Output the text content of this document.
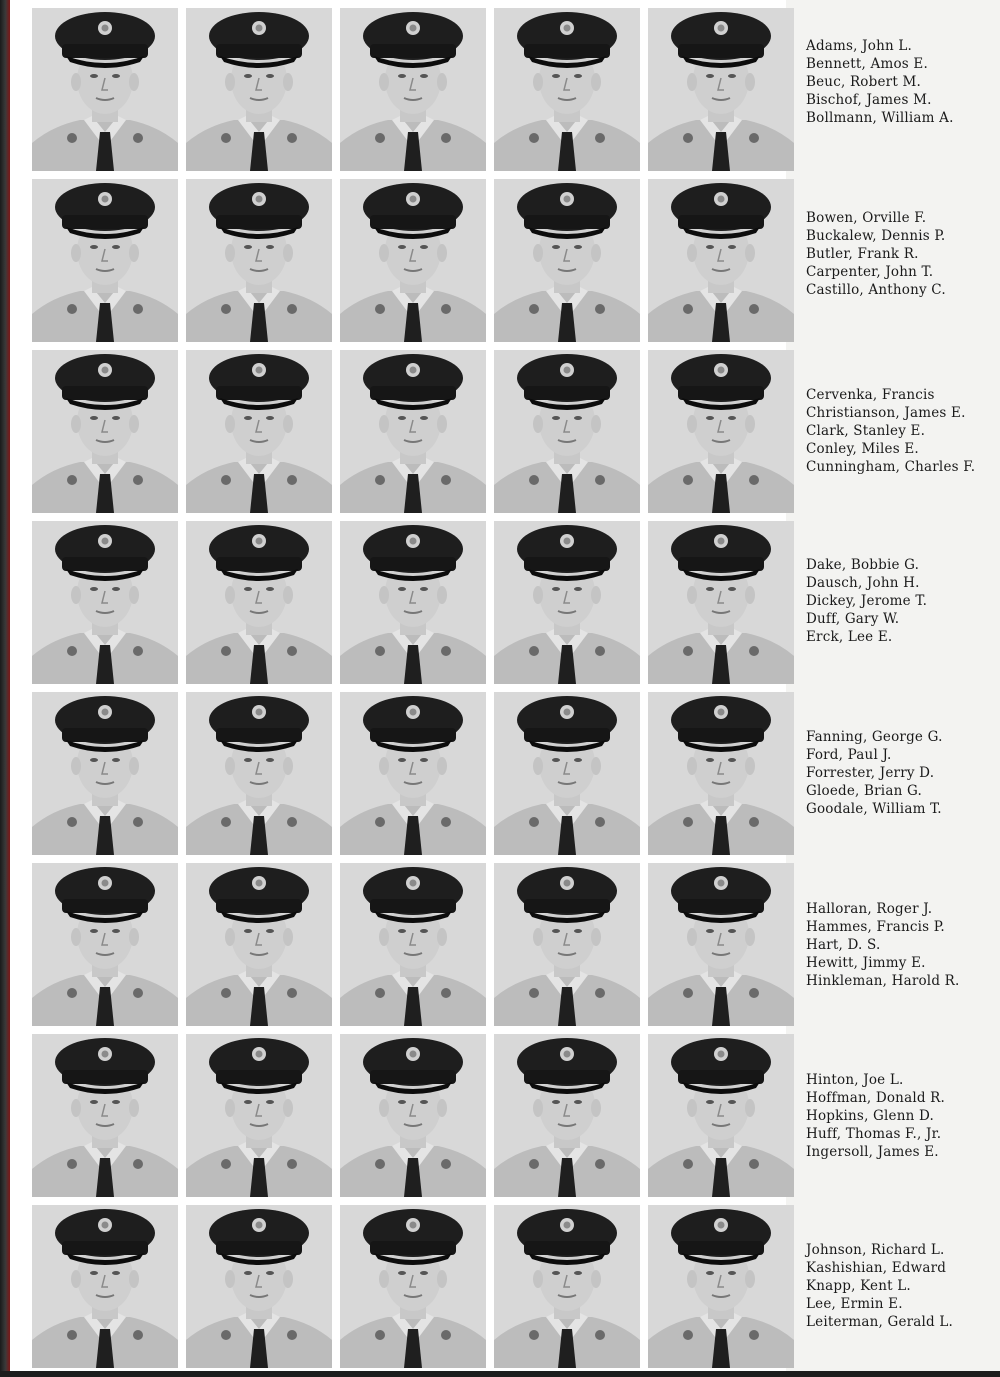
Adams, John L.
Bennett, Amos E.
Beuc, Robert M.
Bischof, James M.
Bollmann, William A.
Bowen, Orville F.
Buckalew, Dennis P.
Butler, Frank R.
Carpenter, John T.
Castillo, Anthony C.
Cervenka, Francis
Christianson, James E.
Clark, Stanley E.
Conley, Miles E.
Cunningham, Charles F.
Dake, Bobbie G.
Dausch, John H.
Dickey, Jerome T.
Duff, Gary W.
Erck, Lee E.
Fanning, George G.
Ford, Paul J.
Forrester, Jerry D.
Gloede, Brian G.
Goodale, William T.
Halloran, Roger J.
Hammes, Francis P.
Hart, D. S.
Hewitt, Jimmy E.
Hinkleman, Harold R.
Hinton, Joe L.
Hoffman, Donald R.
Hopkins, Glenn D.
Huff, Thomas F., Jr.
Ingersoll, James E.
Johnson, Richard L.
Kashishian, Edward
Knapp, Kent L.
Lee, Ermin E.
Leiterman, Gerald L.
